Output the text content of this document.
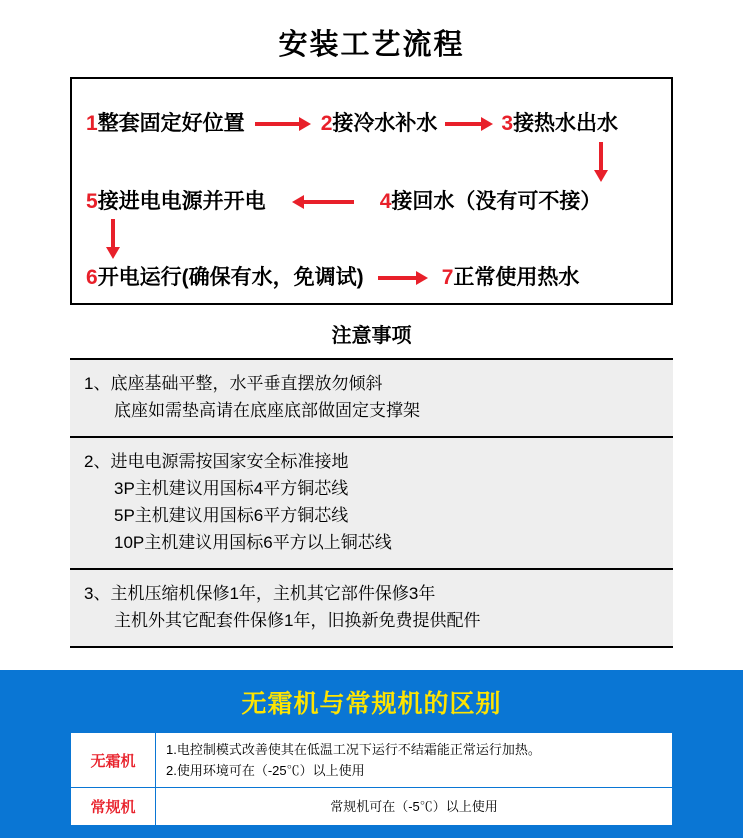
安装工艺流程
1整套固定好位置	2接冷水补水	3接热水出水
5接进电电源并开电	4接回水（没有可不接）
6开电运行(确保有水，免调试)	7正常使用热水
注意事项
1、底座基础平整，水平垂直摆放勿倾斜
底座如需垫高请在底座底部做固定支撑架
2、进电电源需按国家安全标准接地
3P主机建议用国标4平方铜芯线
5P主机建议用国标6平方铜芯线
10P主机建议用国标6平方以上铜芯线
3、主机压缩机保修1年，主机其它部件保修3年
主机外其它配套件保修1年，旧换新免费提供配件
无霜机与常规机的区别
无霜机	1.电控制模式改善使其在低温工况下运行不结霜能正常运行加热。
2.使用环境可在（-25℃）以上使用

常规机	常规机可在（-5℃）以上使用
